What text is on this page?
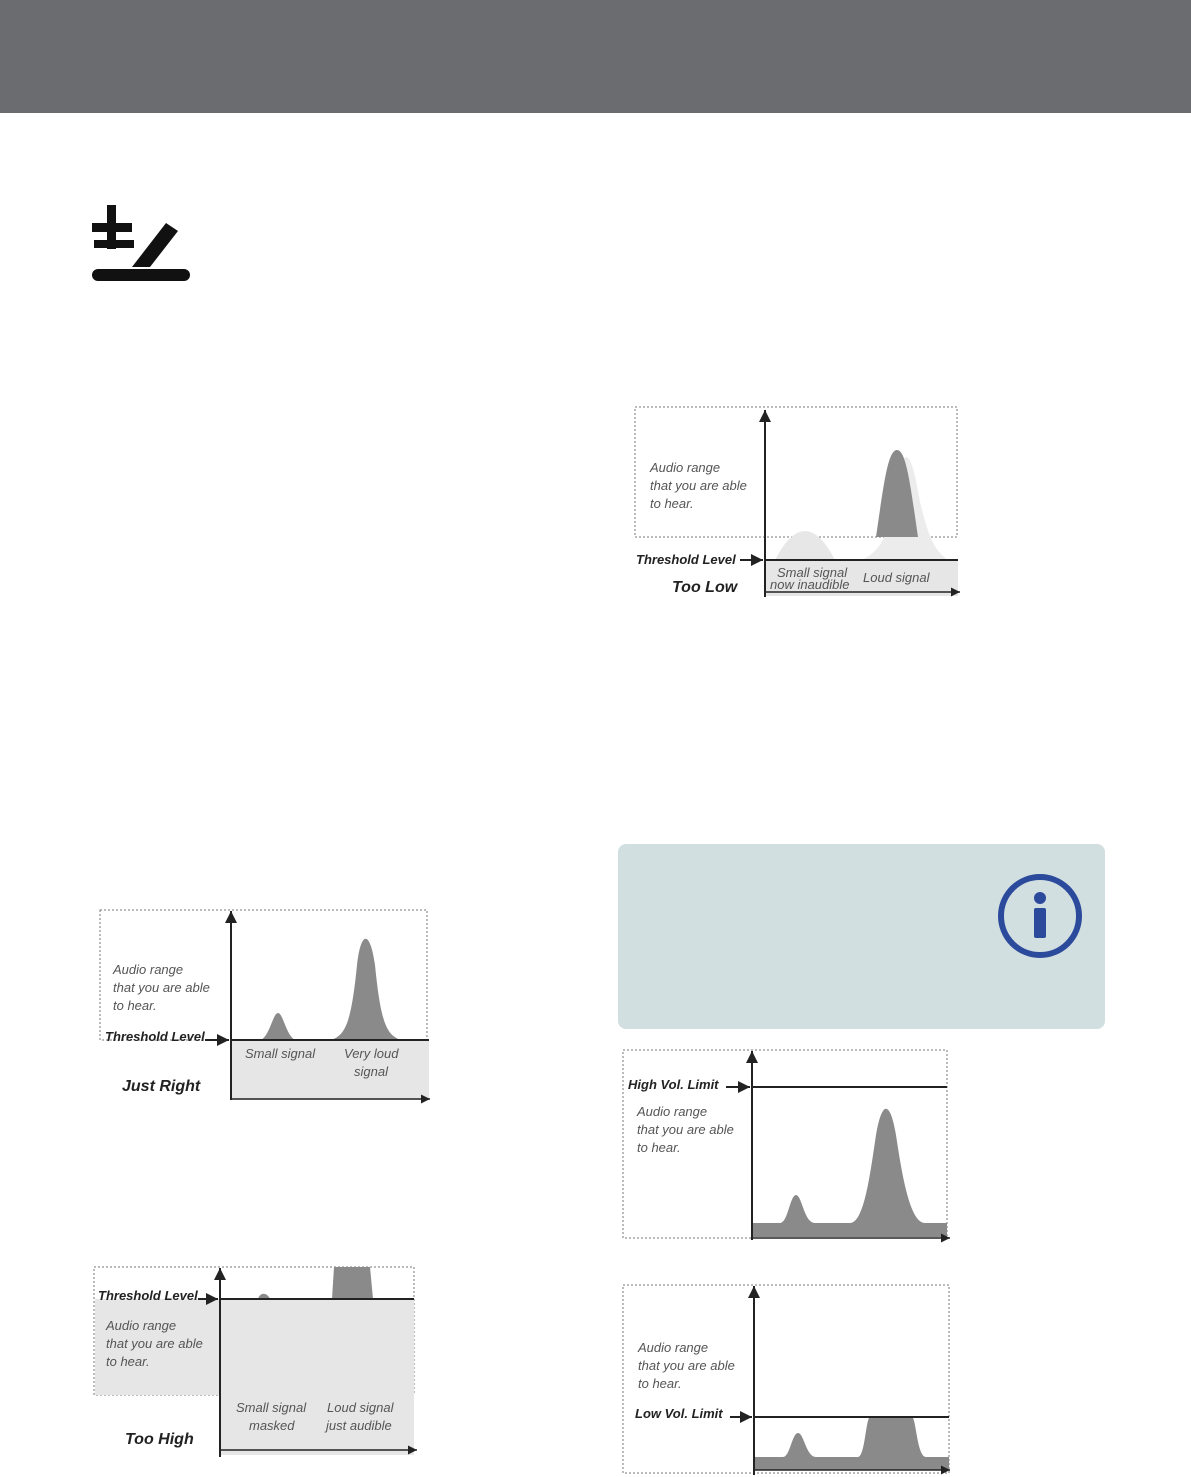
Audio range
that you are able
to hear.
Threshold Level
Too Low
Small signal
now inaudible Loud signal
Audio range
that you are able
to hear.
Threshold Level
Just Right
Small signal Very loud
signal
Threshold Level
Audio range
that you are able
to hear.
Too High
Small signal
masked
Loud signal
just audible
High Vol. Limit
Audio range
that you are able
to hear.
Audio range
that you are able
to hear.
Low Vol. Limit
